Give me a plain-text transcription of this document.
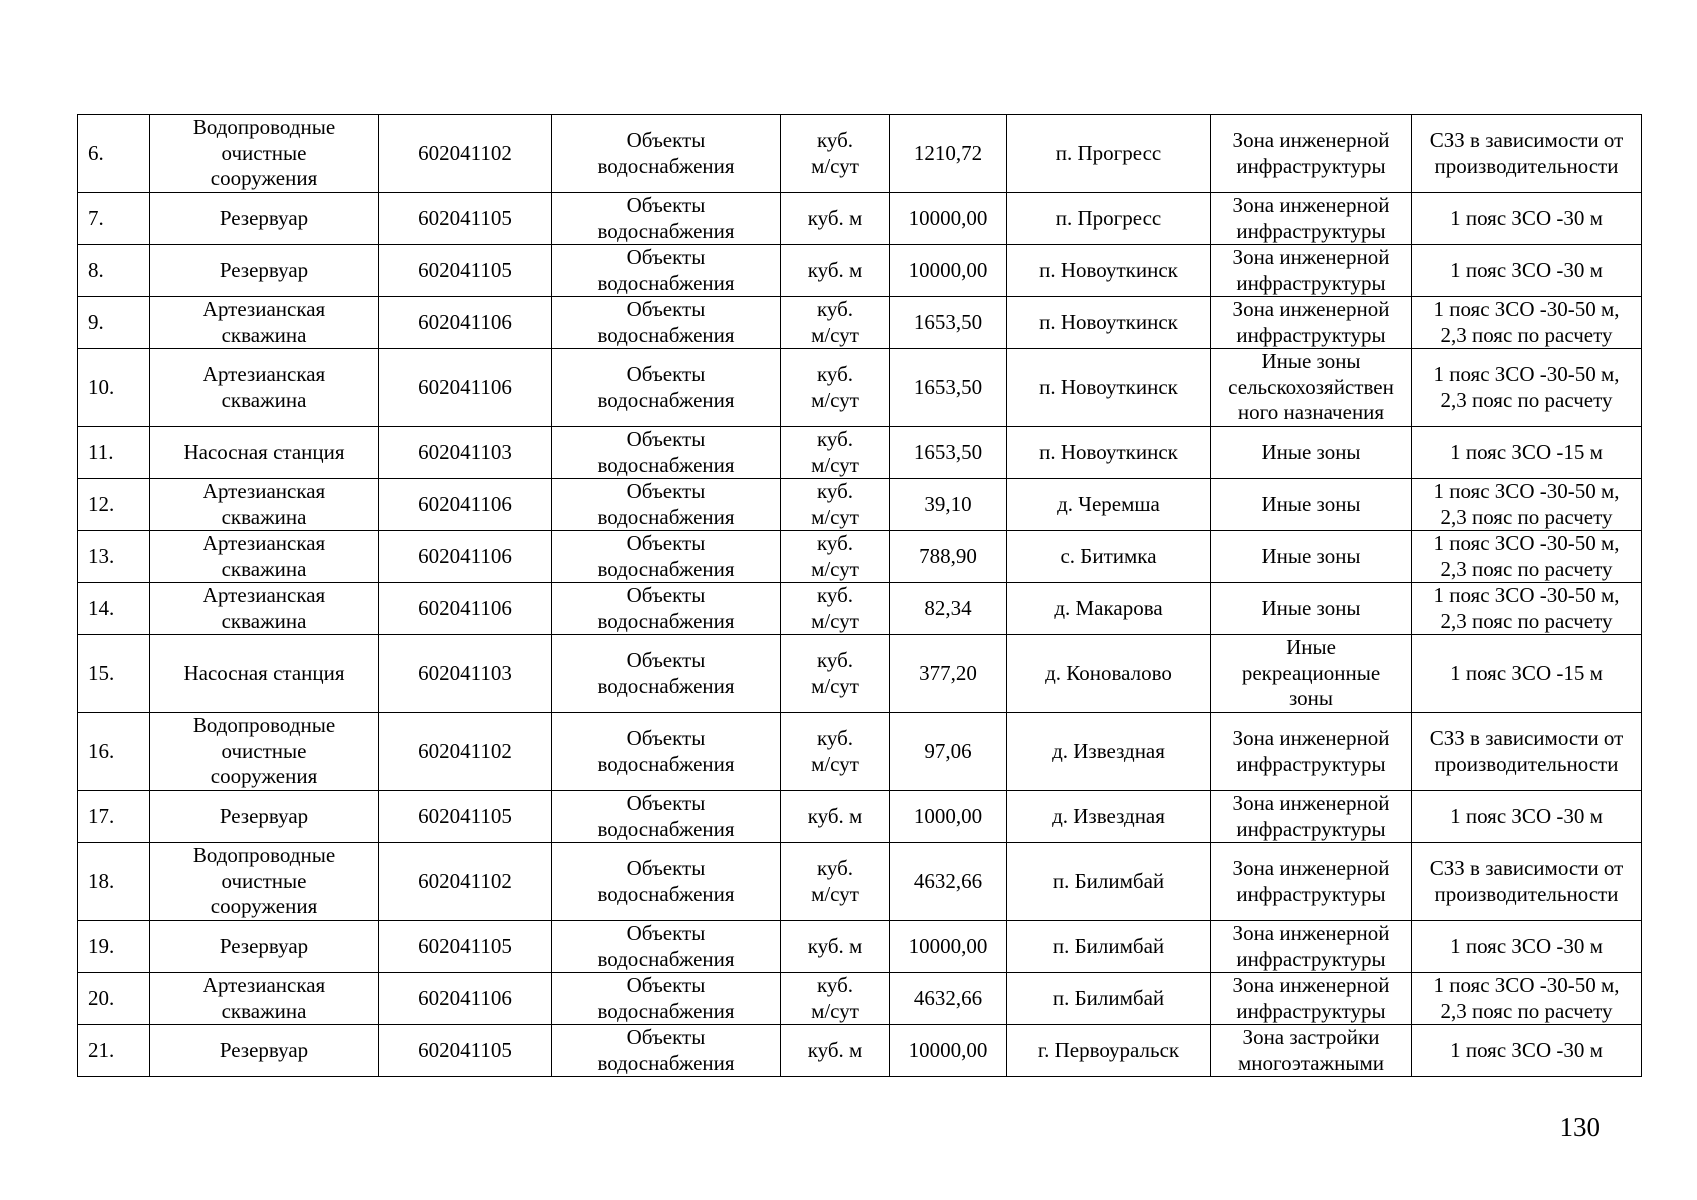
6.	Водопроводные
очистные
сооружения	602041102	Объекты
водоснабжения	куб.
м/сут	1210,72	п. Прогресс	Зона инженерной
инфраструктуры	СЗЗ в зависимости от
производительности
7.	Резервуар	602041105	Объекты
водоснабжения	куб. м	10000,00	п. Прогресс	Зона инженерной
инфраструктуры	1 пояс ЗСО -30 м
8.	Резервуар	602041105	Объекты
водоснабжения	куб. м	10000,00	п. Новоуткинск	Зона инженерной
инфраструктуры	1 пояс ЗСО -30 м
9.	Артезианская
скважина	602041106	Объекты
водоснабжения	куб.
м/сут	1653,50	п. Новоуткинск	Зона инженерной
инфраструктуры	1 пояс ЗСО -30-50 м,
2,3 пояс по расчету
10.	Артезианская
скважина	602041106	Объекты
водоснабжения	куб.
м/сут	1653,50	п. Новоуткинск	Иные зоны
сельскохозяйствен
ного назначения	1 пояс ЗСО -30-50 м,
2,3 пояс по расчету
11.	Насосная станция	602041103	Объекты
водоснабжения	куб.
м/сут	1653,50	п. Новоуткинск	Иные зоны	1 пояс ЗСО -15 м
12.	Артезианская
скважина	602041106	Объекты
водоснабжения	куб.
м/сут	39,10	д. Черемша	Иные зоны	1 пояс ЗСО -30-50 м,
2,3 пояс по расчету
13.	Артезианская
скважина	602041106	Объекты
водоснабжения	куб.
м/сут	788,90	с. Битимка	Иные зоны	1 пояс ЗСО -30-50 м,
2,3 пояс по расчету
14.	Артезианская
скважина	602041106	Объекты
водоснабжения	куб.
м/сут	82,34	д. Макарова	Иные зоны	1 пояс ЗСО -30-50 м,
2,3 пояс по расчету
15.	Насосная станция	602041103	Объекты
водоснабжения	куб.
м/сут	377,20	д. Коновалово	Иные
рекреационные
зоны	1 пояс ЗСО -15 м
16.	Водопроводные
очистные
сооружения	602041102	Объекты
водоснабжения	куб.
м/сут	97,06	д. Извездная	Зона инженерной
инфраструктуры	СЗЗ в зависимости от
производительности
17.	Резервуар	602041105	Объекты
водоснабжения	куб. м	1000,00	д. Извездная	Зона инженерной
инфраструктуры	1 пояс ЗСО -30 м
18.	Водопроводные
очистные
сооружения	602041102	Объекты
водоснабжения	куб.
м/сут	4632,66	п. Билимбай	Зона инженерной
инфраструктуры	СЗЗ в зависимости от
производительности
19.	Резервуар	602041105	Объекты
водоснабжения	куб. м	10000,00	п. Билимбай	Зона инженерной
инфраструктуры	1 пояс ЗСО -30 м
20.	Артезианская
скважина	602041106	Объекты
водоснабжения	куб.
м/сут	4632,66	п. Билимбай	Зона инженерной
инфраструктуры	1 пояс ЗСО -30-50 м,
2,3 пояс по расчету
21.	Резервуар	602041105	Объекты
водоснабжения	куб. м	10000,00	г. Первоуральск	Зона застройки
многоэтажными	1 пояс ЗСО -30 м
130
